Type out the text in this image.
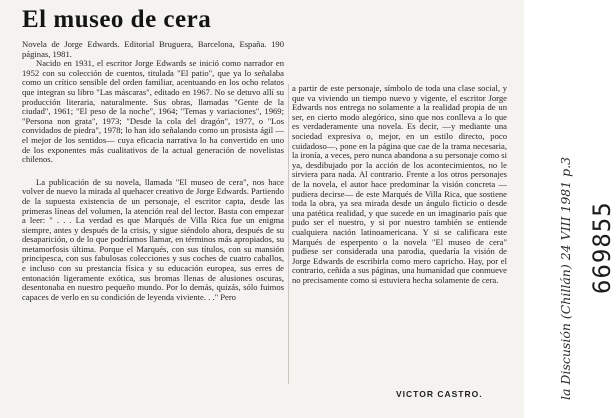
El museo de cera

Novela de Jorge Edwards. Editorial Bruguera, Barcelona, España. 190 páginas, 1981.

Nacido en 1931, el escritor Jorge Edwards se inició como narrador en 1952 con su colección de cuentos, titulada "El patio", que ya lo señalaba como un crítico sensible del orden familiar, acentuando en los ocho relatos que integran su libro "Las máscaras", editado en 1967. No se detuvo allí su producción literaria, naturalmente. Sus obras, llamadas "Gente de la ciudad", 1961; "El peso de la noche", 1964; "Temas y variaciones", 1969; "Persona non grata", 1973; "Desde la cola del dragón", 1977, o "Los convidados de piedra", 1978; lo han ido señalando como un prosista ágil —el mejor de los sentidos— cuya eficacia narrativa lo ha convertido en uno de los exponentes más cualitativos de la actual generación de novelistas chilenos.

La publicación de su novela, llamada "El museo de cera", nos hace volver de nuevo la mirada al quehacer creativo de Jorge Edwards. Partiendo de la supuesta existencia de un personaje, el escritor capta, desde las primeras líneas del volumen, la atención real del lector. Basta con empezar a leer: " . . . La verdad es que Marqués de Villa Rica fue un enigma siempre, antes y después de la crisis, y sigue siéndolo ahora, después de su desaparición, o de lo que podríamos llamar, en términos más apropiados, su metamorfosis última. Porque el Marqués, con sus títulos, con su mansión principesca, con sus fabulosas colecciones y sus coches de cuatro caballos, e incluso con su prestancia física y su educación europea, sus erres de entonación ligeramente exótica, sus bromas llenas de alusiones oscuras, desentonaba en nuestro pequeño mundo. Por lo demás, quizás, sólo fuimos capaces de verlo en su condición de leyenda viviente. . ." Pero

a partir de este personaje, símbolo de toda una clase social, y que va viviendo un tiempo nuevo y vigente, el escritor Jorge Edwards nos entrega no solamente a la realidad propia de un ser, en cierto modo alegórico, sino que nos conlleva a lo que es verdaderamente una novela. Es decir, —y mediante una sociedad expresiva o, mejor, en un estilo directo, poco cuidadoso—, pone en la página que cae de la trama necesaria, la ironía, a veces, pero nunca abandona a su personaje como si ya, desdibujado por la acción de los acontecimientos, no le sirviera para nada. Al contrario. Frente a los otros personajes de la novela, el autor hace predominar la visión concreta —pudiera decirse— de este Marqués de Villa Rica, que sostiene toda la obra, ya sea mirada desde un ángulo ficticio o desde una patética realidad, y que sucede en un imaginario país que pudo ser el nuestro, y si por nuestro también se entiende cualquiera nación latinoamericana. Y si se calificara este Marqués de esperpento o la novela "El museo de cera" pudiese ser considerada una parodia, quedaría la visión de Jorge Edwards de escribirla como mero capricho. Hay, por el contrario, ceñida a sus páginas, una humanidad que conmueve no precisamente como si estuviera hecha solamente de cera.

VICTOR CASTRO.	la Discusión (Chillán) 24 VIII 1981 p.3 669855
